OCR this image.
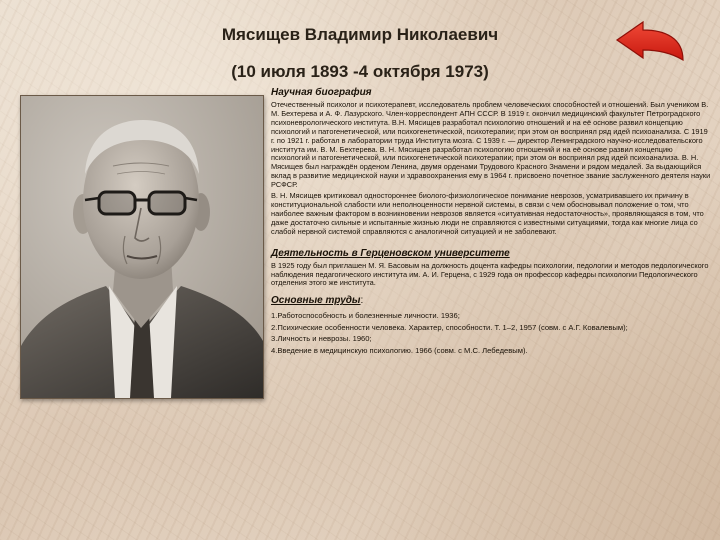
Мясищев Владимир Николаевич
(10 июля 1893 -4 октября 1973)

Научная биография

Отечественный психолог и психотерапевт, исследователь проблем человеческих способностей и отношений. Был учеником В. М. Бехтерева и А. Ф. Лазурского. Член-корреспондент АПН СССР. В 1919 г. окончил медицинский факультет Петроградского психоневрологического института. В.Н. Мясищев разработал психологию отношений и на её основе развил концепцию психологий и патогенетической, или психогенетической, психотерапии; при этом он воспринял ряд идей психоанализа. С 1919 г. по 1921 г. работал в лаборатории труда Института мозга. С 1939 г. — директор Ленинградского научно-исследовательского института им. В. М. Бехтерева. В. Н. Мясищев разработал психологию отношений и на её основе развил концепцию психологий и патогенетической, или психогенетической психотерапии; при этом он воспринял ряд идей психоанализа. В. Н. Мясищев был награждён орденом Ленина, двумя орденами Трудового Красного Знамени и рядом медалей. За выдающийся вклад в развитие медицинской науки и здравоохранения ему в 1964 г. присвоено почетное звание заслуженного деятеля науки РСФСР.

В. Н. Мясищев критиковал одностороннее биолого-физиологическое понимание неврозов, усматривавшего их причину в конституциональной слабости или неполноценности нервной системы, в связи с чем обосновывал положение о том, что наиболее важным фактором в возникновении неврозов является «ситуативная недостаточность», проявляющаяся в том, что даже достаточно сильные и испытанные жизнью люди не справляются с известными ситуациями, тогда как многие лица со слабой нервной системой справляются с аналогичной ситуацией и не заболевают.

Деятельность в Герценовском университете

В 1925 году был приглашен М. Я. Басовым на должность доцента кафедры психологии, педологии и методов педологического наблюдения педагогического института им. А. И. Герцена, с 1929 года он профессор кафедры психологии Педологического отделения этого же института.

Основные труды:
1.Работоспособность и болезненные личности. 1936;
2.Психические особенности человека. Характер, способности. Т. 1–2, 1957 (совм. с А.Г. Ковалевым);
3.Личность и неврозы. 1960;
4.Введение в медицинскую психологию. 1966 (совм. с М.С. Лебедевым).
